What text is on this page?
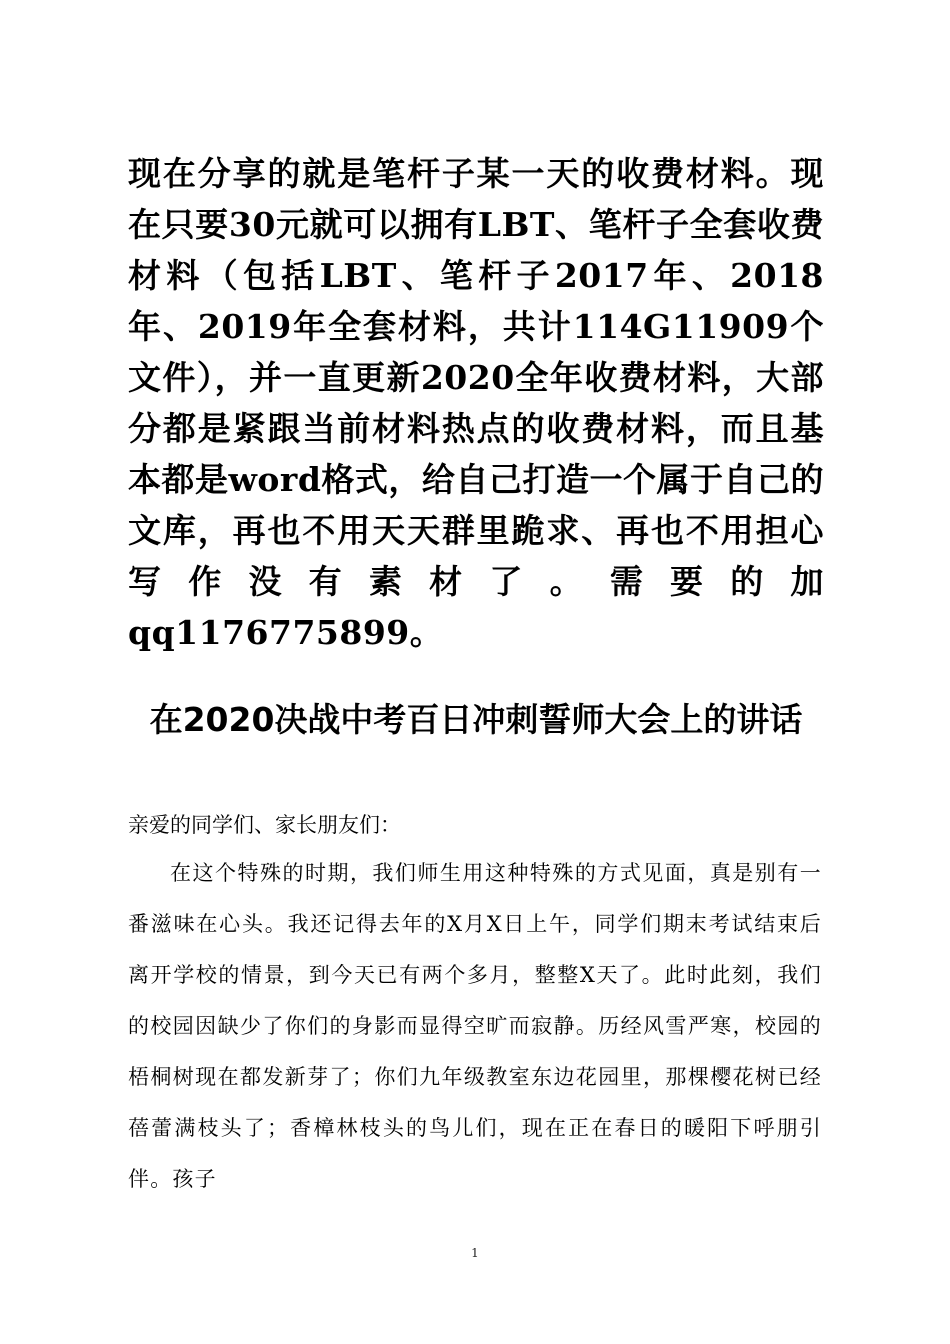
现在分享的就是笔杆子某一天的收费材料。现在只要30元就可以拥有LBT、笔杆子全套收费材料（包括LBT、笔杆子2017年、2018年、2019年全套材料，共计114G11909个文件），并一直更新2020全年收费材料，大部分都是紧跟当前材料热点的收费材料，而且基本都是word格式，给自己打造一个属于自己的文库，再也不用天天群里跪求、再也不用担心写作没有素材了。需要的加qq1176775899。
在2020决战中考百日冲刺誓师大会上的讲话
亲爱的同学们、家长朋友们：
在这个特殊的时期，我们师生用这种特殊的方式见面，真是别有一番滋味在心头。我还记得去年的X月X日上午，同学们期末考试结束后离开学校的情景，到今天已有两个多月，整整X天了。此时此刻，我们的校园因缺少了你们的身影而显得空旷而寂静。历经风雪严寒，校园的梧桐树现在都发新芽了；你们九年级教室东边花园里，那棵樱花树已经蓓蕾满枝头了；香樟林枝头的鸟儿们，现在正在春日的暖阳下呼朋引伴。孩子
1
